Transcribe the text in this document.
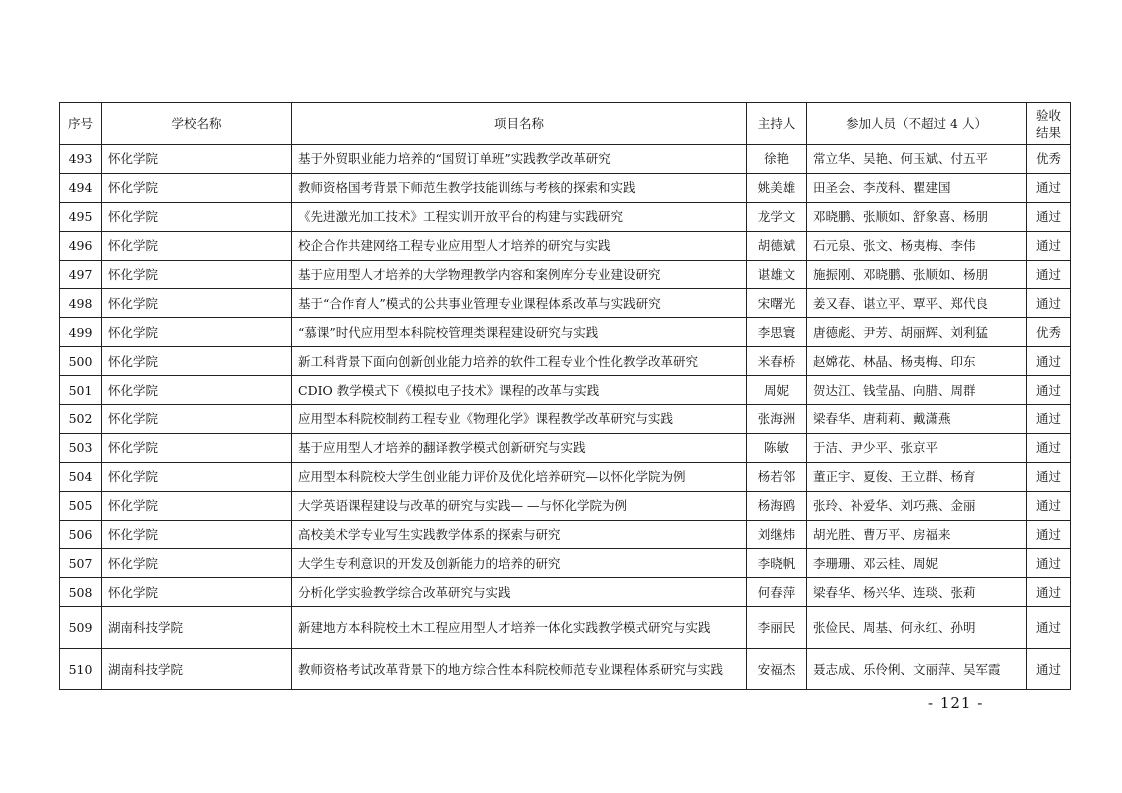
序号	学校名称	项目名称	主持人	参加人员（不超过 4 人）	验收
结果
493	怀化学院	基于外贸职业能力培养的“国贸订单班”实践教学改革研究	徐艳	常立华、吴艳、何玉斌、付五平	优秀
494	怀化学院	教师资格国考背景下师范生教学技能训练与考核的探索和实践	姚美雄	田圣会、李茂科、瞿建国	通过
495	怀化学院	《先进激光加工技术》工程实训开放平台的构建与实践研究	龙学文	邓晓鹏、张顺如、舒象喜、杨朋	通过
496	怀化学院	校企合作共建网络工程专业应用型人才培养的研究与实践	胡德斌	石元泉、张文、杨夷梅、李伟	通过
497	怀化学院	基于应用型人才培养的大学物理教学内容和案例库分专业建设研究	谌雄文	施振刚、邓晓鹏、张顺如、杨朋	通过
498	怀化学院	基于“合作育人”模式的公共事业管理专业课程体系改革与实践研究	宋曙光	姜又春、谌立平、覃平、郑代良	通过
499	怀化学院	“慕课”时代应用型本科院校管理类课程建设研究与实践	李思寰	唐德彪、尹芳、胡丽辉、刘利猛	优秀
500	怀化学院	新工科背景下面向创新创业能力培养的软件工程专业个性化教学改革研究	米春桥	赵嫦花、林晶、杨夷梅、印东	通过
501	怀化学院	CDIO 教学模式下《模拟电子技术》课程的改革与实践	周妮	贺达江、钱莹晶、向腊、周群	通过
502	怀化学院	应用型本科院校制药工程专业《物理化学》课程教学改革研究与实践	张海洲	梁春华、唐莉莉、戴潇燕	通过
503	怀化学院	基于应用型人才培养的翻译教学模式创新研究与实践	陈敏	于洁、尹少平、张京平	通过
504	怀化学院	应用型本科院校大学生创业能力评价及优化培养研究—以怀化学院为例	杨若邻	董正宇、夏俊、王立群、杨育	通过
505	怀化学院	大学英语课程建设与改革的研究与实践— —与怀化学院为例	杨海鸥	张玲、补爱华、刘巧燕、金丽	通过
506	怀化学院	高校美术学专业写生实践教学体系的探索与研究	刘继炜	胡光胜、曹万平、房福来	通过
507	怀化学院	大学生专利意识的开发及创新能力的培养的研究	李晓帆	李珊珊、邓云桂、周妮	通过
508	怀化学院	分析化学实验教学综合改革研究与实践	何春萍	梁春华、杨兴华、连琰、张莉	通过
509	湖南科技学院	新建地方本科院校土木工程应用型人才培养一体化实践教学模式研究与实践	李丽民	张俭民、周基、何永红、孙明	通过
510	湖南科技学院	教师资格考试改革背景下的地方综合性本科院校师范专业课程体系研究与实践	安福杰	聂志成、乐伶俐、文丽萍、吴军霞	通过
- 121 -
